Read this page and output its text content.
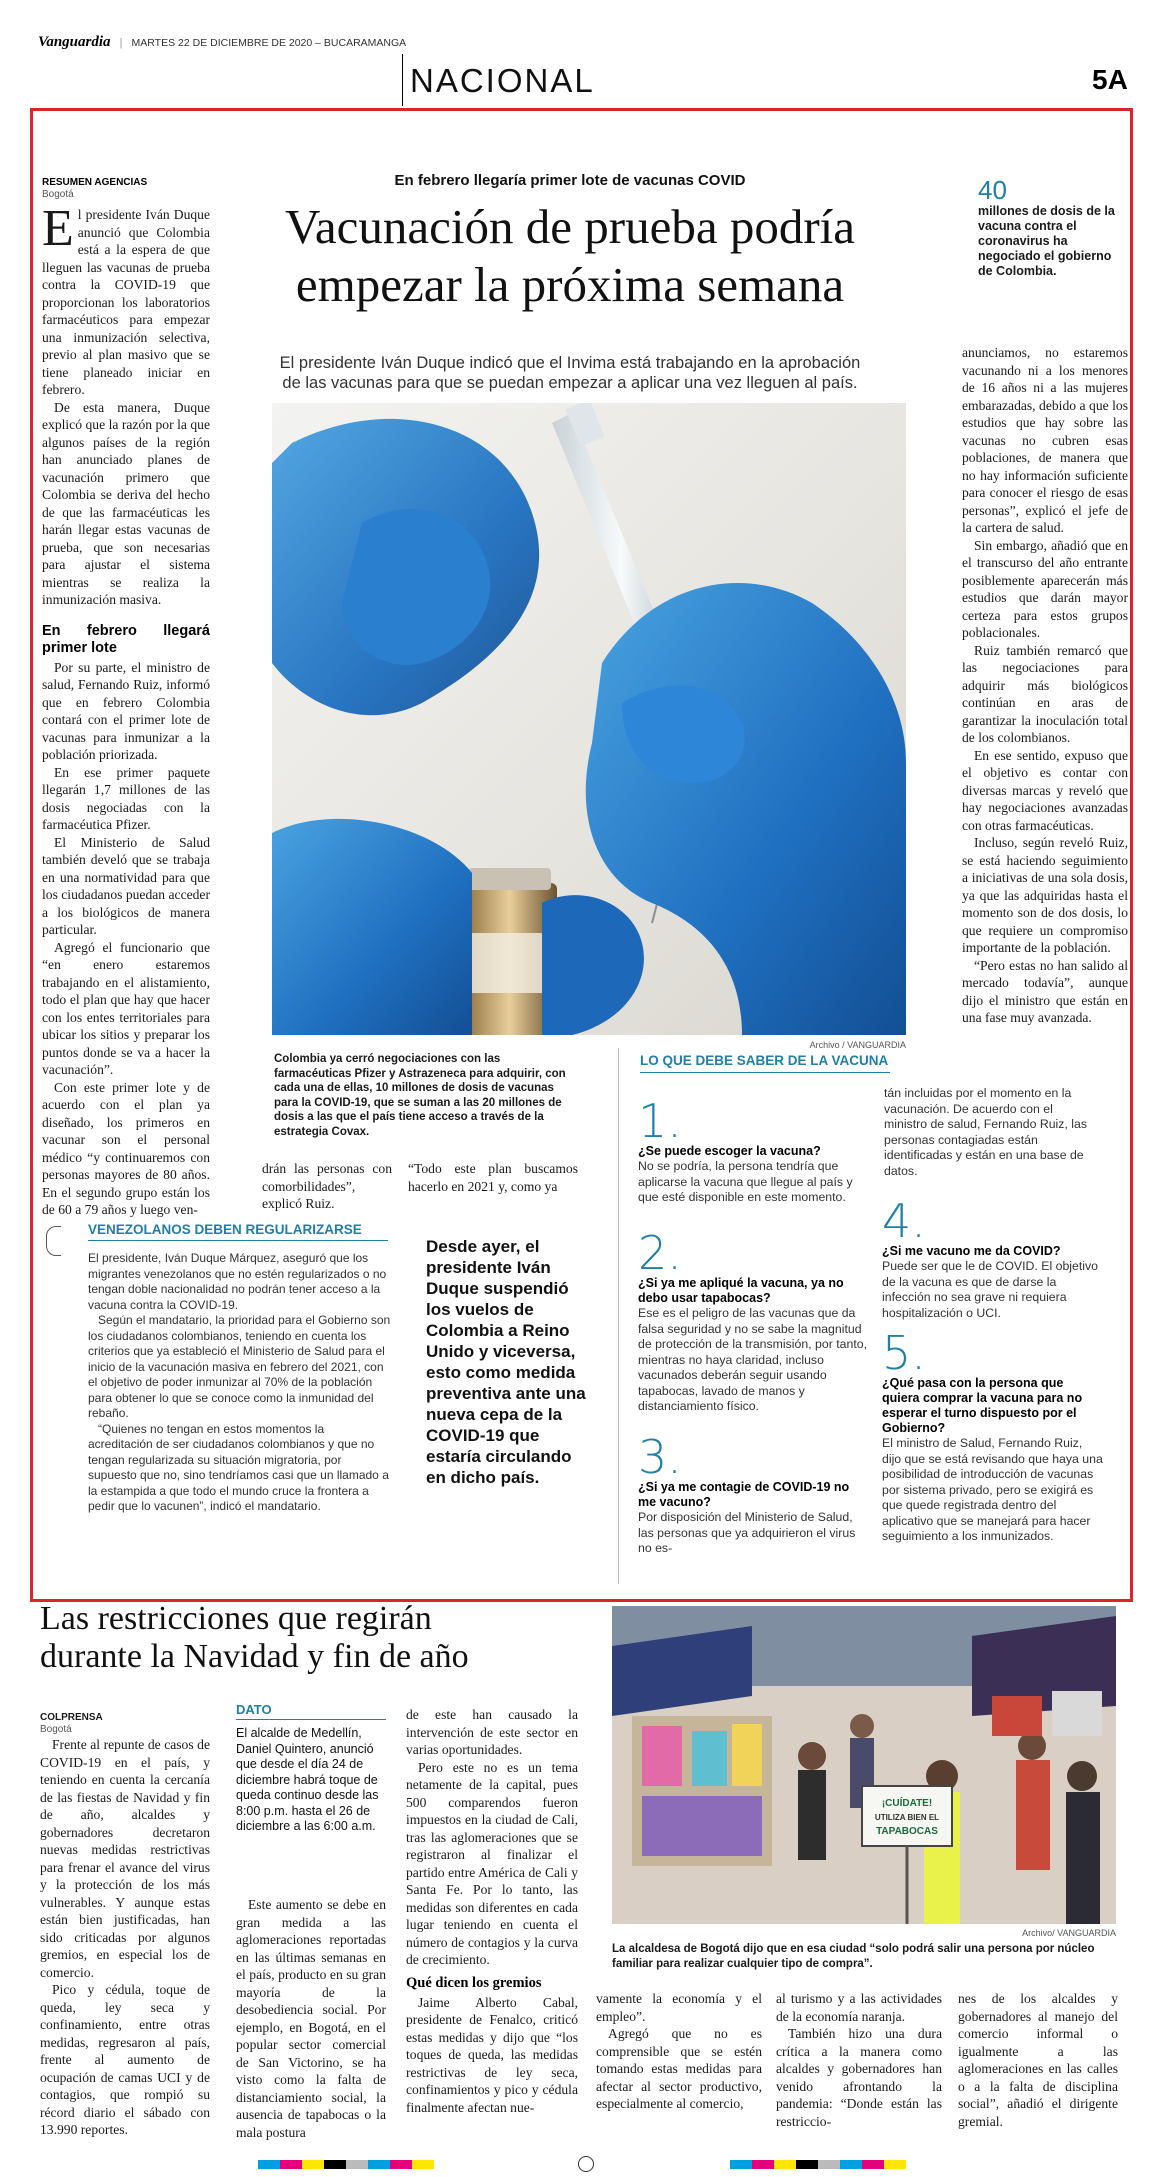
Vanguardia | MARTES 22 DE DICIEMBRE DE 2020 – BUCARAMANGA
NACIONAL	5A
RESUMEN AGENCIAS
Bogotá

El presidente Iván Duque anunció que Colombia está a la espera de que lleguen las vacunas de prueba contra la COVID-19 que proporcionan los laboratorios farmacéuticos para empezar una inmunización selectiva, previo al plan masivo que se tiene planeado iniciar en febrero.

De esta manera, Duque explicó que la razón por la que algunos países de la región han anunciado planes de vacunación primero que Colombia se deriva del hecho de que las farmacéuticas les harán llegar estas vacunas de prueba, que son necesarias para ajustar el sistema mientras se realiza la inmunización masiva.

En febrero llegará primer lote

Por su parte, el ministro de salud, Fernando Ruiz, informó que en febrero Colombia contará con el primer lote de vacunas para inmunizar a la población priorizada.

En ese primer paquete llegarán 1,7 millones de las dosis negociadas con la farmacéutica Pfizer.

El Ministerio de Salud también develó que se trabaja en una normatividad para que los ciudadanos puedan acceder a los biológicos de manera particular.

Agregó el funcionario que “en enero estaremos trabajando en el alistamiento, todo el plan que hay que hacer con los entes territoriales para ubicar los sitios y preparar los puntos donde se va a hacer la vacunación”.

Con este primer lote y de acuerdo con el plan ya diseñado, los primeros en vacunar son el personal médico “y continuaremos con personas mayores de 80 años. En el segundo grupo están los de 60 a 79 años y luego ven-

En febrero llegaría primer lote de vacunas COVID
Vacunación de prueba podría
empezar la próxima semana
El presidente Iván Duque indicó que el Invima está trabajando en la aprobación
de las vacunas para que se puedan empezar a aplicar una vez lleguen al país.
40
millones de dosis de la vacuna contra el coronavirus ha negociado el gobierno de Colombia.

anunciamos, no estaremos vacunando ni a los menores de 16 años ni a las mujeres embarazadas, debido a que los estudios que hay sobre las vacunas no cubren esas poblaciones, de manera que no hay información suficiente para conocer el riesgo de esas personas”, explicó el jefe de la cartera de salud.

Sin embargo, añadió que en el transcurso del año entrante posiblemente aparecerán más estudios que darán mayor certeza para estos grupos poblacionales.

Ruiz también remarcó que las negociaciones para adquirir más biológicos continúan en aras de garantizar la inoculación total de los colombianos.

En ese sentido, expuso que el objetivo es contar con diversas marcas y reveló que hay negociaciones avanzadas con otras farmacéuticas.

Incluso, según reveló Ruiz, se está haciendo seguimiento a iniciativas de una sola dosis, ya que las adquiridas hasta el momento son de dos dosis, lo que requiere un compromiso importante de la población.

“Pero estas no han salido al mercado todavía”, aunque dijo el ministro que están en una fase muy avanzada.

Archivo / VANGUARDIA
Colombia ya cerró negociaciones con las farmacéuticas Pfizer y Astrazeneca para adquirir, con cada una de ellas, 10 millones de dosis de vacunas para la COVID-19, que se suman a las 20 millones de dosis a las que el país tiene acceso a través de la estrategia Covax.
LO QUE DEBE SABER DE LA VACUNA
1.
¿Se puede escoger la vacuna?
No se podría, la persona tendría que aplicarse la vacuna que llegue al país y que esté disponible en este momento.
2.
¿Si ya me apliqué la vacuna, ya no debo usar tapabocas?
Ese es el peligro de las vacunas que da falsa seguridad y no se sabe la magnitud de protección de la transmisión, por tanto, mientras no haya claridad, incluso vacunados deberán seguir usando tapabocas, lavado de manos y distanciamiento físico.
3.
¿Si ya me contagie de COVID-19 no me vacuno?
Por disposición del Ministerio de Salud, las personas que ya adquirieron el virus no es-
tán incluidas por el momento en la vacunación. De acuerdo con el ministro de salud, Fernando Ruiz, las personas contagiadas están identificadas y están en una base de datos.
4.
¿Si me vacuno me da COVID?
Puede ser que le de COVID. El objetivo de la vacuna es que de darse la infección no sea grave ni requiera hospitalización o UCI.
5.
¿Qué pasa con la persona que quiera comprar la vacuna para no esperar el turno dispuesto por el Gobierno?
El ministro de Salud, Fernando Ruiz, dijo que se está revisando que haya una posibilidad de introducción de vacunas por sistema privado, pero se exigirá es que quede registrada dentro del aplicativo que se manejará para hacer seguimiento a los inmunizados.
drán las personas con comorbilidades”, explicó Ruiz.
“Todo este plan buscamos hacerlo en 2021 y, como ya
VENEZOLANOS DEBEN REGULARIZARSE

El presidente, Iván Duque Márquez, aseguró que los migrantes venezolanos que no estén regularizados o no tengan doble nacionalidad no podrán tener acceso a la vacuna contra la COVID-19.

Según el mandatario, la prioridad para el Gobierno son los ciudadanos colombianos, teniendo en cuenta los criterios que ya estableció el Ministerio de Salud para el inicio de la vacunación masiva en febrero del 2021, con el objetivo de poder inmunizar al 70% de la población para obtener lo que se conoce como la inmunidad del rebaño.

“Quienes no tengan en estos momentos la acreditación de ser ciudadanos colombianos y que no tengan regularizada su situación migratoria, por supuesto que no, sino tendríamos casi que un llamado a la estampida a que todo el mundo cruce la frontera a pedir que lo vacunen”, indicó el mandatario.

Desde ayer, el presidente Iván Duque suspendió los vuelos de Colombia a Reino Unido y viceversa, esto como medida preventiva ante una nueva cepa de la COVID-19 que estaría circulando en dicho país.
Las restricciones que regirán
durante la Navidad y fin de año
COLPRENSA
Bogotá

Frente al repunte de casos de COVID-19 en el país, y teniendo en cuenta la cercanía de las fiestas de Navidad y fin de año, alcaldes y gobernadores decretaron nuevas medidas restrictivas para frenar el avance del virus y la protección de los más vulnerables. Y aunque estas están bien justificadas, han sido criticadas por algunos gremios, en especial los de comercio.

Pico y cédula, toque de queda, ley seca y confinamiento, entre otras medidas, regresaron al país, frente al aumento de ocupación de camas UCI y de contagios, que rompió su récord diario el sábado con 13.990 reportes.

DATO
El alcalde de Medellín, Daniel Quintero, anunció que desde el día 24 de diciembre habrá toque de queda continuo desde las 8:00 p.m. hasta el 26 de diciembre a las 6:00 a.m.

Este aumento se debe en gran medida a las aglomeraciones reportadas en las últimas semanas en el país, producto en su gran mayoría de la desobediencia social. Por ejemplo, en Bogotá, en el popular sector comercial de San Victorino, se ha visto como la falta de distanciamiento social, la ausencia de tapabocas o la mala postura

de este han causado la intervención de este sector en varias oportunidades.

Pero este no es un tema netamente de la capital, pues 500 comparendos fueron impuestos en la ciudad de Cali, tras las aglomeraciones que se registraron al finalizar el partido entre América de Cali y Santa Fe. Por lo tanto, las medidas son diferentes en cada lugar teniendo en cuenta el número de contagios y la curva de crecimiento.

Qué dicen los gremios

Jaime Alberto Cabal, presidente de Fenalco, criticó estas medidas y dijo que “los toques de queda, las medidas restrictivas de ley seca, confinamientos y pico y cédula finalmente afectan nue-

¡CUÍDATE!
UTILIZA BIEN EL
TAPABOCAS
Archivo/ VANGUARDIA
La alcaldesa de Bogotá dijo que en esa ciudad “solo podrá salir una persona por núcleo familiar para realizar cualquier tipo de compra”.

vamente la economía y el empleo”.

Agregó que no es comprensible que se estén tomando estas medidas para afectar al sector productivo, especialmente al comercio,

al turismo y a las actividades de la economía naranja.

También hizo una dura crítica a la manera como alcaldes y gobernadores han venido afrontando la pandemia: “Donde están las restriccio-

nes de los alcaldes y gobernadores al manejo del comercio informal o igualmente a las aglomeraciones en las calles o a la falta de disciplina social”, añadió el dirigente gremial.
